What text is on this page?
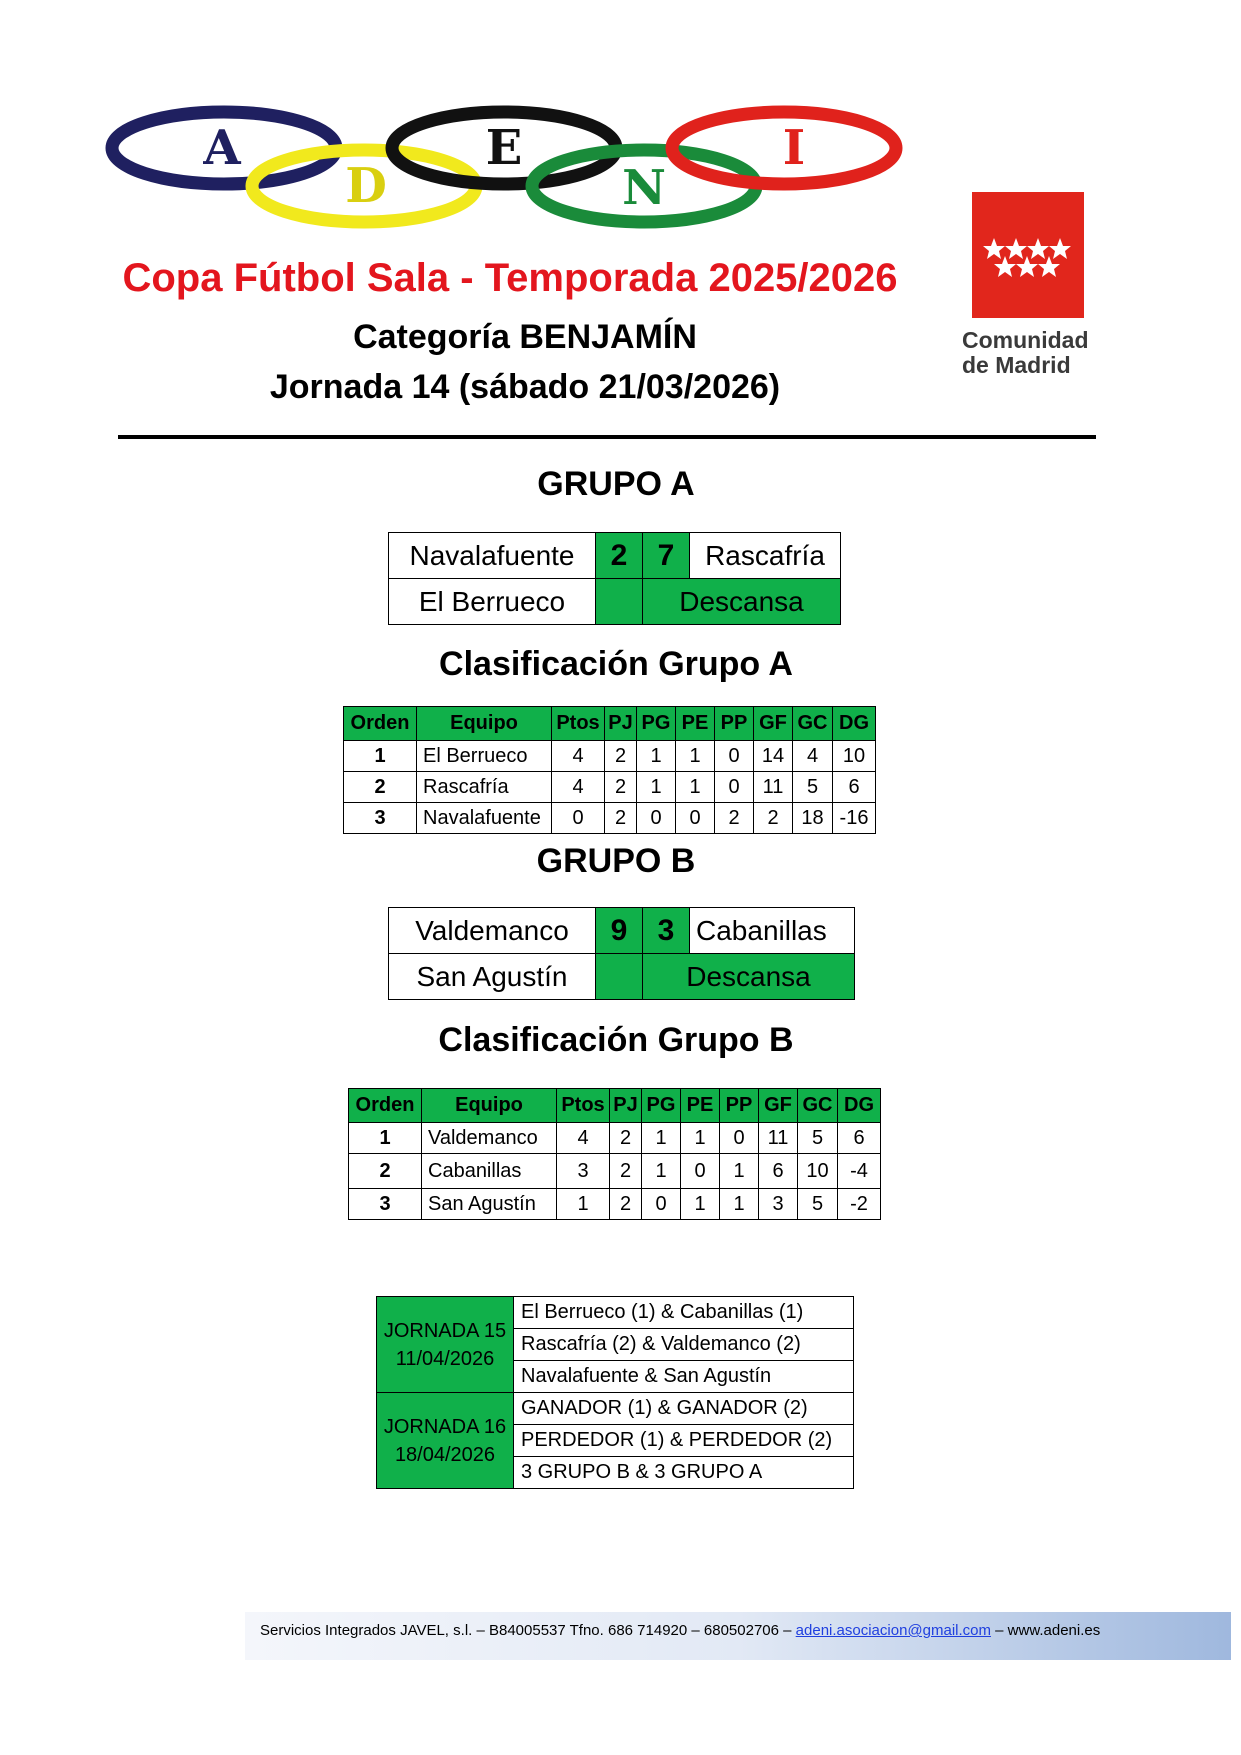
A
D
E
N
I
Comunidad
de Madrid
Copa Fútbol Sala - Temporada 2025/2026
Categoría BENJAMÍN
Jornada 14 (sábado 21/03/2026)
GRUPO A
Navalafuente	2	7	Rascafría
El Berrueco		Descansa	
Clasificación Grupo A
Orden	Equipo	Ptos	PJ	PG	PE	PP	GF	GC	DG
1	El Berrueco	4	2	1	1	0	14	4	10
2	Rascafría	4	2	1	1	0	11	5	6
3	Navalafuente	0	2	0	0	2	2	18	-16
GRUPO B
Valdemanco	9	3	Cabanillas
San Agustín		Descansa	
Clasificación Grupo B
Orden	Equipo	Ptos	PJ	PG	PE	PP	GF	GC	DG
1	Valdemanco	4	2	1	1	0	11	5	6
2	Cabanillas	3	2	1	0	1	6	10	-4
3	San Agustín	1	2	0	1	1	3	5	-2
JORNADA 15
11/04/2026	El Berrueco (1) & Cabanillas (1)
	Rascafría (2) & Valdemanco (2)
	Navalafuente & San Agustín

JORNADA 16
18/04/2026	GANADOR (1) & GANADOR (2)
	PERDEDOR (1) & PERDEDOR (2)
	3 GRUPO B & 3 GRUPO A
Servicios Integrados JAVEL, s.l. – B84005537 Tfno. 686 714920 – 680502706 – adeni.asociacion@gmail.com – www.adeni.es
